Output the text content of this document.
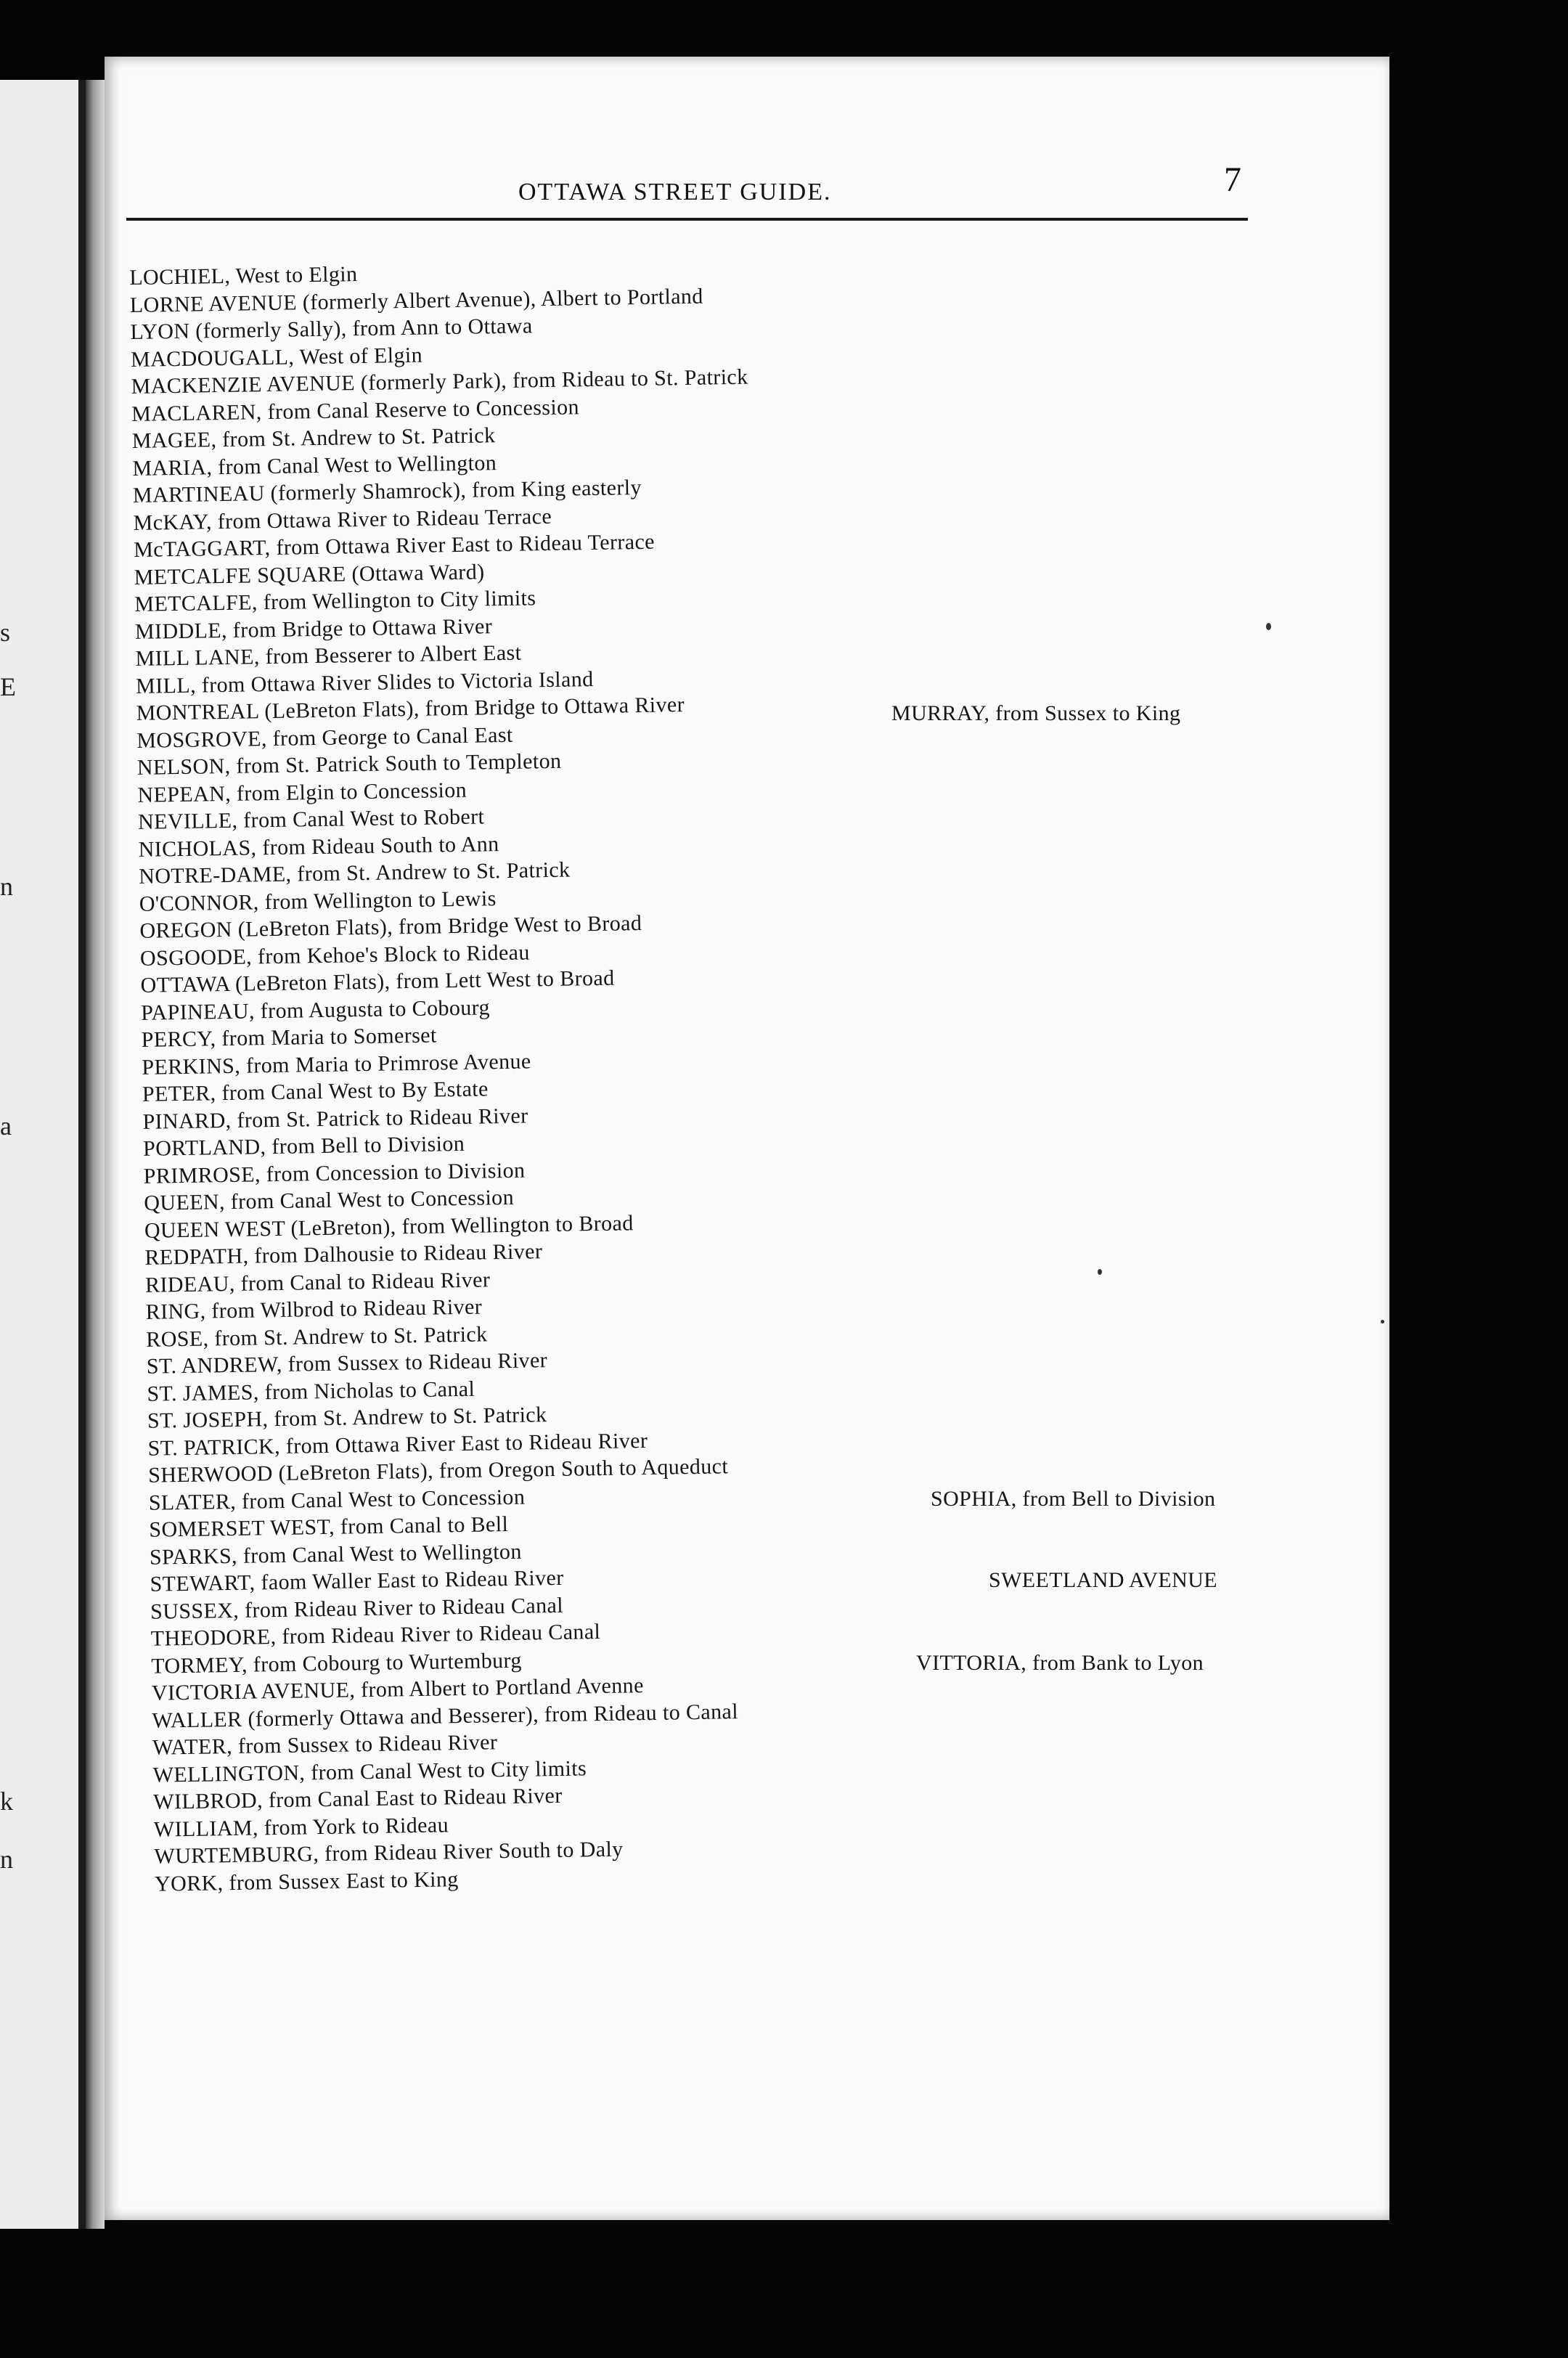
s
E
n
a
k
n
OTTAWA STREET GUIDE.	7
LOCHIEL, West to Elgin
LORNE AVENUE (formerly Albert Avenue), Albert to Portland
LYON (formerly Sally), from Ann to Ottawa
MACDOUGALL, West of Elgin
MACKENZIE AVENUE (formerly Park), from Rideau to St. Patrick
MACLAREN, from Canal Reserve to Concession
MAGEE, from St. Andrew to St. Patrick
MARIA, from Canal West to Wellington
MARTINEAU (formerly Shamrock), from King easterly
McKAY, from Ottawa River to Rideau Terrace
McTAGGART, from Ottawa River East to Rideau Terrace
METCALFE SQUARE (Ottawa Ward)
METCALFE, from Wellington to City limits
MIDDLE, from Bridge to Ottawa River
MILL LANE, from Besserer to Albert East
MILL, from Ottawa River Slides to Victoria Island
MONTREAL (LeBreton Flats), from Bridge to Ottawa River
MOSGROVE, from George to Canal East
NELSON, from St. Patrick South to Templeton
NEPEAN, from Elgin to Concession
NEVILLE, from Canal West to Robert
NICHOLAS, from Rideau South to Ann
NOTRE-DAME, from St. Andrew to St. Patrick
O'CONNOR, from Wellington to Lewis
OREGON (LeBreton Flats), from Bridge West to Broad
OSGOODE, from Kehoe's Block to Rideau
OTTAWA (LeBreton Flats), from Lett West to Broad
PAPINEAU, from Augusta to Cobourg
PERCY, from Maria to Somerset
PERKINS, from Maria to Primrose Avenue
PETER, from Canal West to By Estate
PINARD, from St. Patrick to Rideau River
PORTLAND, from Bell to Division
PRIMROSE, from Concession to Division
QUEEN, from Canal West to Concession
QUEEN WEST (LeBreton), from Wellington to Broad
REDPATH, from Dalhousie to Rideau River
RIDEAU, from Canal to Rideau River
RING, from Wilbrod to Rideau River
ROSE, from St. Andrew to St. Patrick
ST. ANDREW, from Sussex to Rideau River
ST. JAMES, from Nicholas to Canal
ST. JOSEPH, from St. Andrew to St. Patrick
ST. PATRICK, from Ottawa River East to Rideau River
SHERWOOD (LeBreton Flats), from Oregon South to Aqueduct
SLATER, from Canal West to Concession
SOMERSET WEST, from Canal to Bell
SPARKS, from Canal West to Wellington
STEWART, faom Waller East to Rideau River
SUSSEX, from Rideau River to Rideau Canal
THEODORE, from Rideau River to Rideau Canal
TORMEY, from Cobourg to Wurtemburg
VICTORIA AVENUE, from Albert to Portland Avenne
WALLER (formerly Ottawa and Besserer), from Rideau to Canal
WATER, from Sussex to Rideau River
WELLINGTON, from Canal West to City limits
WILBROD, from Canal East to Rideau River
WILLIAM, from York to Rideau
WURTEMBURG, from Rideau River South to Daly
YORK, from Sussex East to King
MURRAY, from Sussex to King
SOPHIA, from Bell to Division
SWEETLAND AVENUE
VITTORIA, from Bank to Lyon
